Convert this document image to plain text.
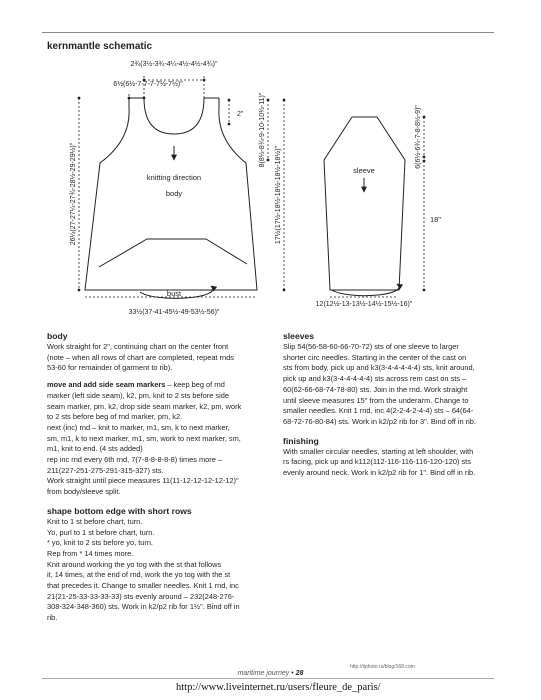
kernmantle schematic
2¾(3½-3¾-4¼-4½-4½-4¾)"
6½(6½-7-7-7-7½-7½)"
2"
knitting direction
body
bust
33½(37-41-45½-49-53½-56)"
26¼(27-27¼-27¾-28½-29-29½)"
8(8½-8¾-9-10-10½-11)"
17½(17½-18½-18½-18½-18½)"	sleeve
6(6½-6¾-7-8-8½-9)"
18"
12(12½-13-13½-14½-15½-16)"

body

Work straight for 2", continuing chart on the center front
(note – when all rows of chart are completed, repeat rnds
53-60 for remainder of garment to rib).
move and add side seam markers – keep beg of rnd
marker (left side seam), k2, pm, knit to 2 sts before side
seam marker, pm, k2, drop side seam marker, k2, pm, work
to 2 sts before beg of rnd marker, pm, k2.
next (inc) rnd – knit to marker, m1, sm, k to next marker,
sm, m1, k to next marker, m1, sm, work to next marker, sm,
m1, knit to end. (4 sts added)
rep inc rnd every 6th rnd, 7(7-8-8-8-8-8) times more –
211(227-251-275-291-315-327) sts.
Work straight until piece measures 11(11-12-12-12-12-12)"
from body/sleeve split.

shape bottom edge with short rows

Knit to 1 st before chart, turn.
Yo, purl to 1 st before chart, turn.
* yo, knit to 2 sts before yo, turn.
Rep from * 14 times more.
Knit around working the yo tog with the st that follows
it, 14 times, at the end of rnd, work the yo tog with the st
that precedes it. Change to smaller needles. Knit 1 rnd, inc
21(21-25-33-33-33-33) sts evenly around – 232(248-276-
308-324-348-360) sts. Work in k2/p2 rib for 1½". Bind off in
rib.

sleeves

Slip 54(56-58-60-66-70-72) sts of one sleeve to larger
shorter circ needles. Starting in the center of the cast on
sts from body, pick up and k3(3-4-4-4-4-4) sts, knit around,
pick up and k3(3-4-4-4-4-4) sts across rem cast on sts –
60(62-66-68-74-78-80) sts. Join in the rnd. Work straight
until sleeve measures 15" from the underarm. Change to
smaller needles. Knit 1 rnd, inc 4(2-2-4-2-4-4) sts – 64(64-
68-72-76-80-84) sts. Work in k2/p2 rib for 3". Bind off in rib.

finishing

With smaller circular needles, starting at left shoulder, with
rs facing, pick up and k112(112-116-116-116-120-120) sts
evenly around neck. Work in k2/p2 rib for 1". Bind off in rib.
http://tiphoto.ru/blog/168.com
maritime journey • 28
http://www.liveinternet.ru/users/fleure_de_paris/
